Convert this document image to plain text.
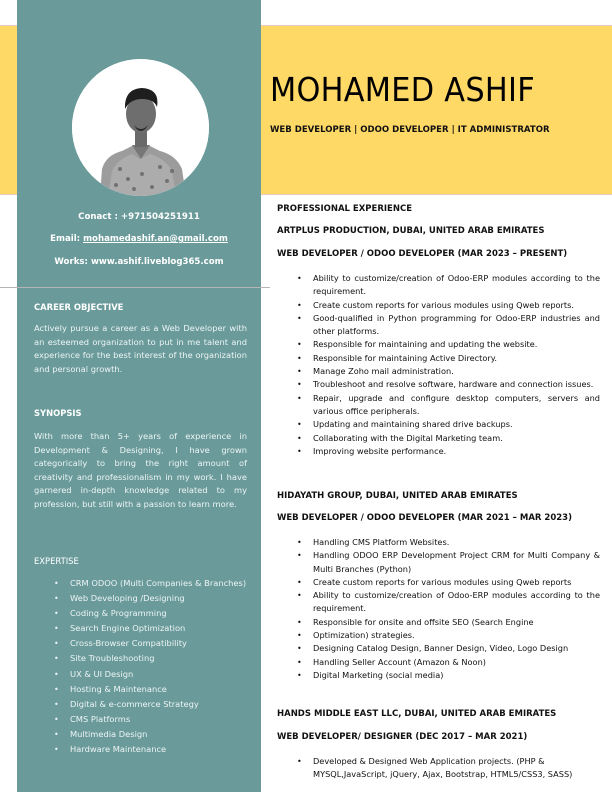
Conact : +971504251911
Email: mohamedashif.an@gmail.com
Works: www.ashif.liveblog365.com
CAREER OBJECTIVE
Actively pursue a career as a Web Developer with an esteemed organization to put in me talent and experience for the best interest of the organization and personal growth.
SYNOPSIS
With more than 5+ years of experience in Development & Designing, I have grown categorically to bring the right amount of creativity and professionalism in my work. I have garnered in-depth knowledge related to my profession, but still with a passion to learn more.
EXPERTISE
• CRM ODOO (Multi Companies & Branches)
• Web Developing /Designing
• Coding & Programming
• Search Engine Optimization
• Cross-Browser Compatibility
• Site Troubleshooting
• UX & UI Design
• Hosting & Maintenance
• Digital & e-commerce Strategy
• CMS Platforms
• Multimedia Design
• Hardware Maintenance
MOHAMED ASHIF
WEB DEVELOPER | ODOO DEVELOPER | IT ADMINISTRATOR
PROFESSIONAL EXPERIENCE
ARTPLUS PRODUCTION, DUBAI, UNITED ARAB EMIRATES
WEB DEVELOPER / ODOO DEVELOPER (MAR 2023 – PRESENT)
• Ability to customize/creation of Odoo-ERP modules according to the requirement.
• Create custom reports for various modules using Qweb reports.
• Good-qualified in Python programming for Odoo-ERP industries and other platforms.
• Responsible for maintaining and updating the website.
• Responsible for maintaining Active Directory.
• Manage Zoho mail administration.
• Troubleshoot and resolve software, hardware and connection issues.
• Repair, upgrade and configure desktop computers, servers and various office peripherals.
• Updating and maintaining shared drive backups.
• Collaborating with the Digital Marketing team.
• Improving website performance.
HIDAYATH GROUP, DUBAI, UNITED ARAB EMIRATES
WEB DEVELOPER / ODOO DEVELOPER (MAR 2021 – MAR 2023)
• Handling CMS Platform Websites.
• Handling ODOO ERP Development Project CRM for Multi Company & Multi Branches (Python)
• Create custom reports for various modules using Qweb reports
• Ability to customize/creation of Odoo-ERP modules according to the requirement.
• Responsible for onsite and offsite SEO (Search Engine
• Optimization) strategies.
• Designing Catalog Design, Banner Design, Video, Logo Design
• Handling Seller Account (Amazon & Noon)
• Digital Marketing (social media)
HANDS MIDDLE EAST LLC, DUBAI, UNITED ARAB EMIRATES
WEB DEVELOPER/ DESIGNER (DEC 2017 – MAR 2021)
• Developed & Designed Web Application projects. (PHP & MYSQL,JavaScript, jQuery, Ajax, Bootstrap, HTML5/CSS3, SASS)
